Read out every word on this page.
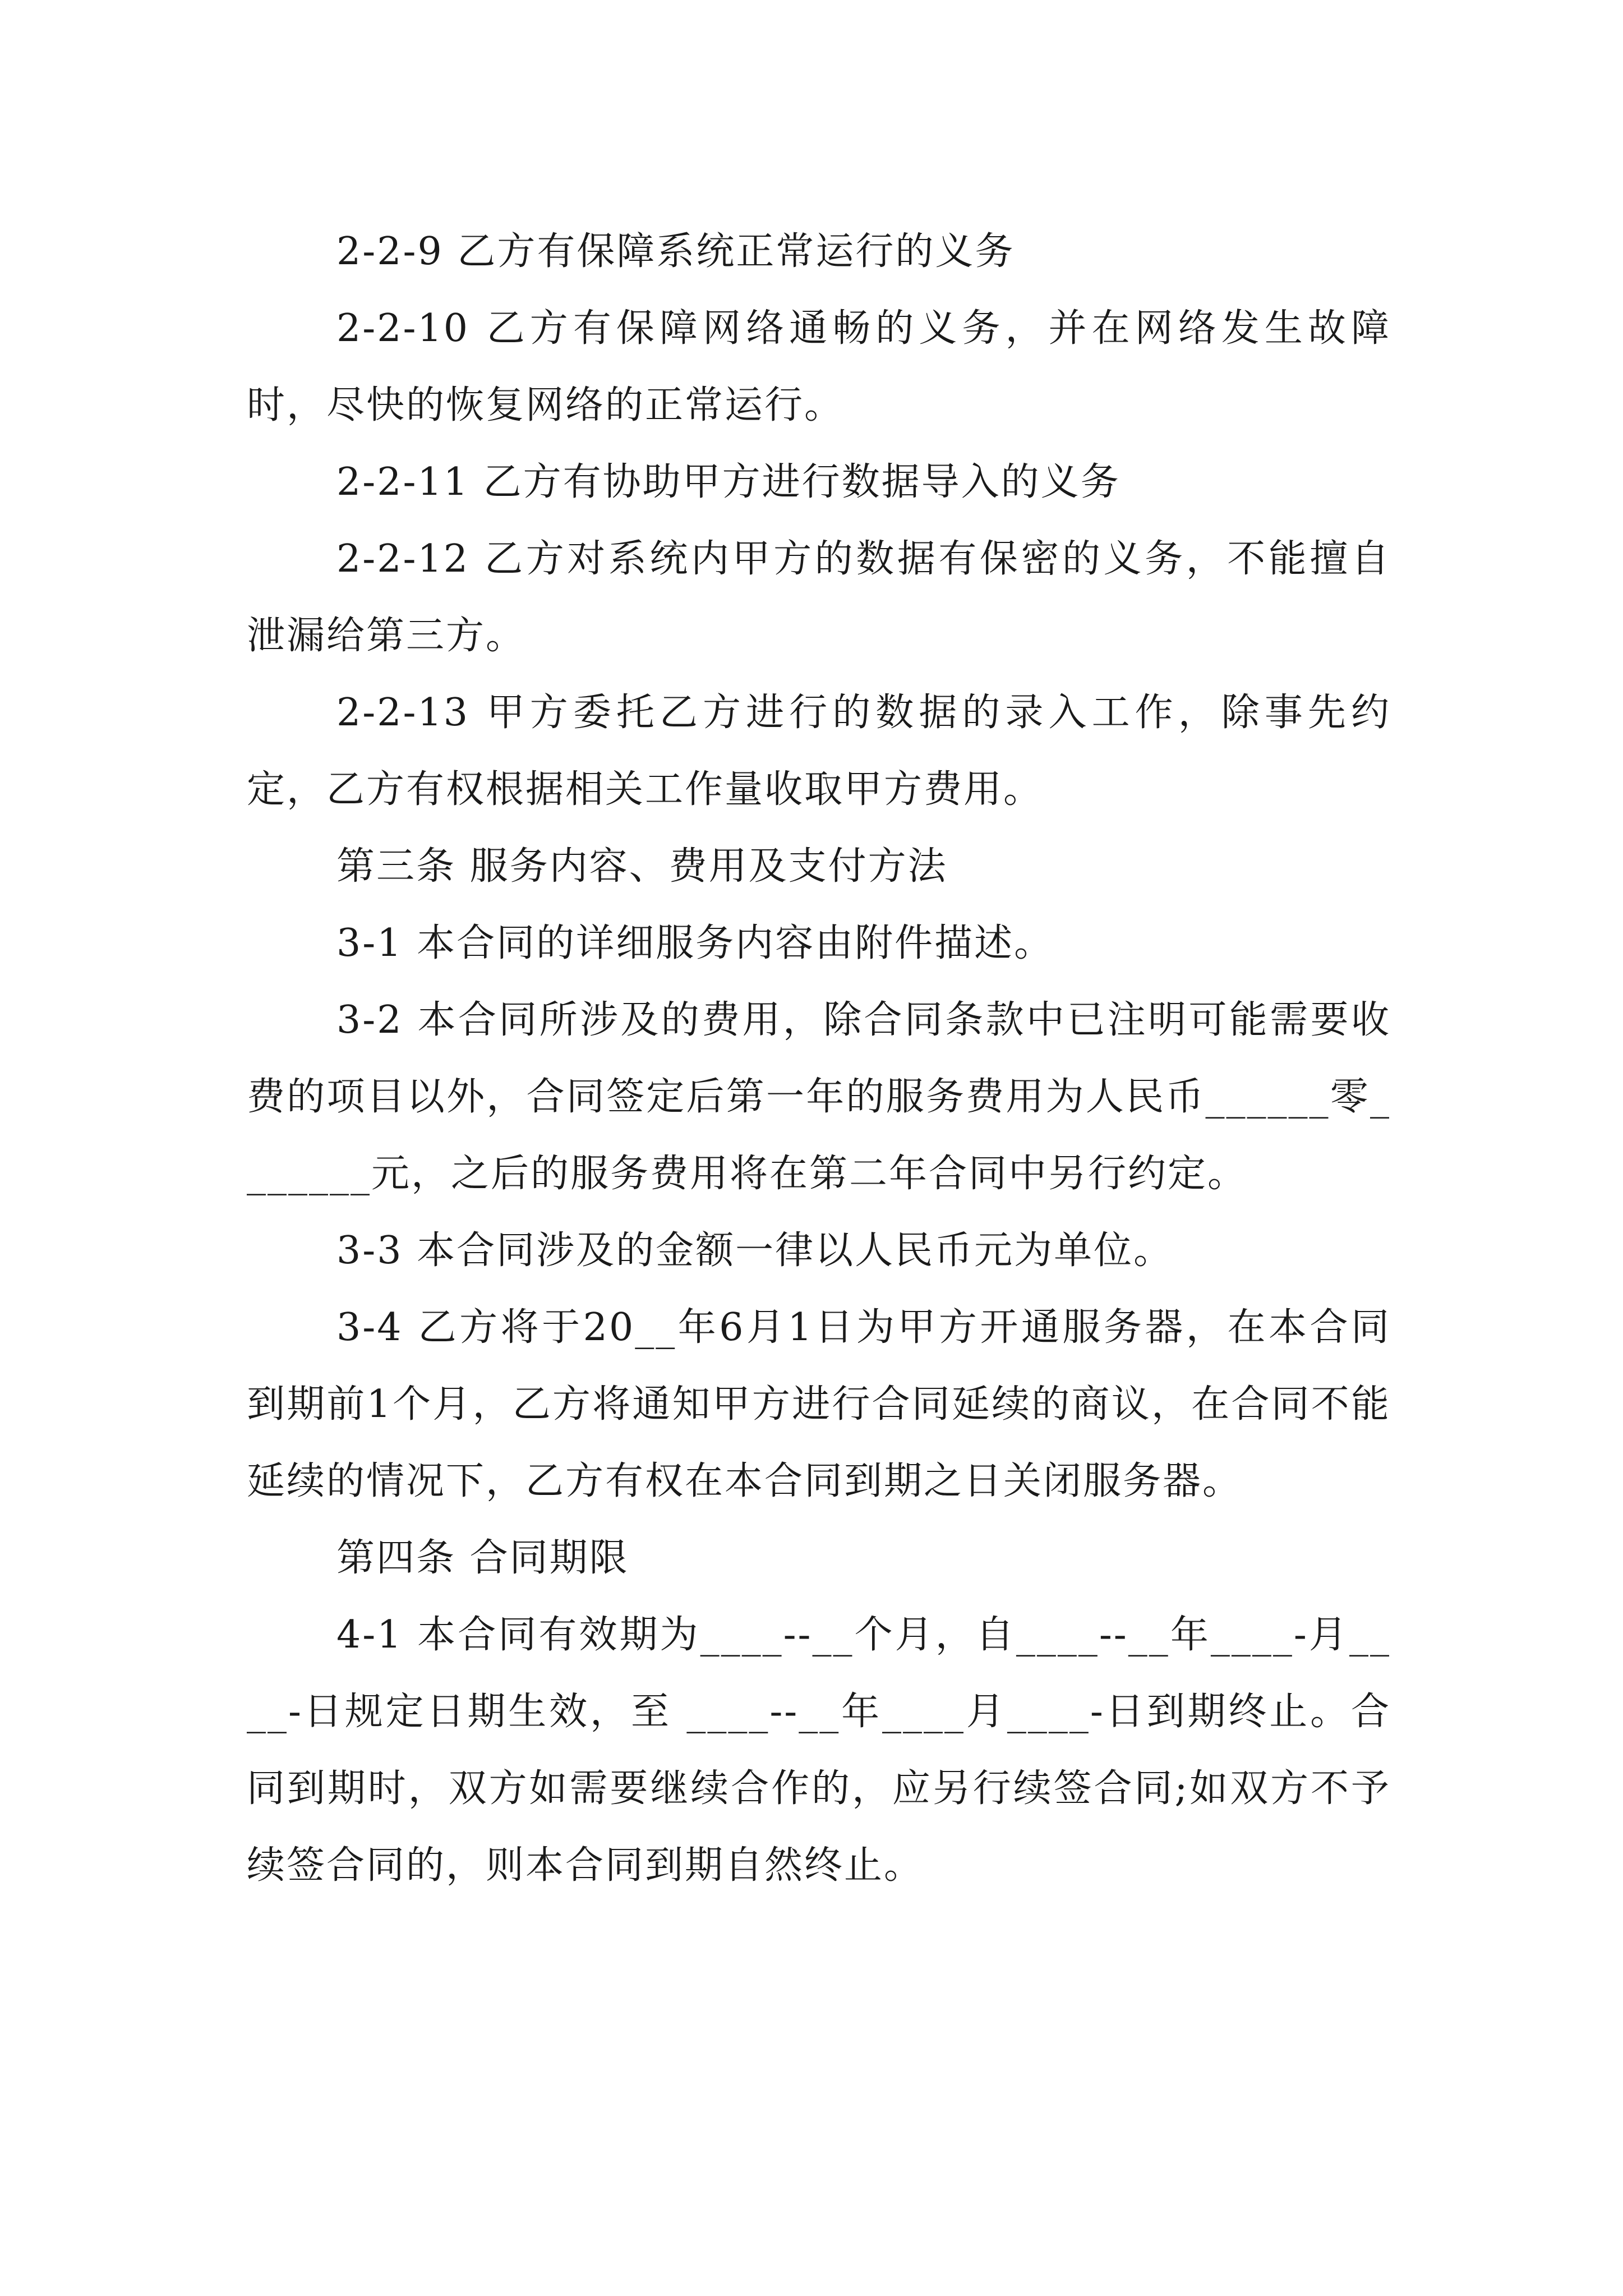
2-2-9 乙方有保障系统正常运行的义务

2-2-10 乙方有保障网络通畅的义务，并在网络发生故障时，尽快的恢复网络的正常运行。

2-2-11 乙方有协助甲方进行数据导入的义务

2-2-12 乙方对系统内甲方的数据有保密的义务，不能擅自泄漏给第三方。

2-2-13 甲方委托乙方进行的数据的录入工作，除事先约定，乙方有权根据相关工作量收取甲方费用。

第三条 服务内容、费用及支付方法

3-1 本合同的详细服务内容由附件描述。

3-2 本合同所涉及的费用，除合同条款中已注明可能需要收费的项目以外，合同签定后第一年的服务费用为人民币______零_______元，之后的服务费用将在第二年合同中另行约定。

3-3 本合同涉及的金额一律以人民币元为单位。

3-4 乙方将于20__年6月1日为甲方开通服务器，在本合同到期前1个月，乙方将通知甲方进行合同延续的商议，在合同不能延续的情况下，乙方有权在本合同到期之日关闭服务器。

第四条 合同期限

4-1 本合同有效期为____--__个月，自____--__年____-月____-日规定日期生效，至 ____--__年____月____-日到期终止。合同到期时，双方如需要继续合作的，应另行续签合同;如双方不予续签合同的，则本合同到期自然终止。
